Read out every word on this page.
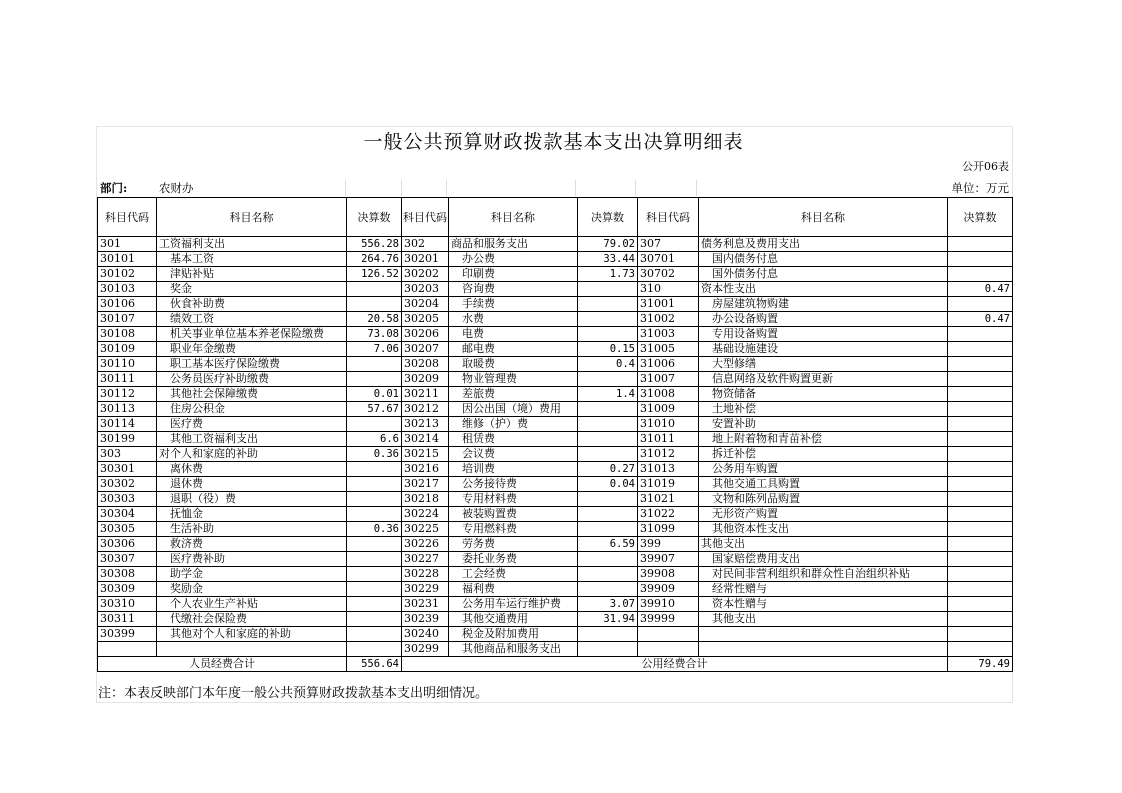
一般公共预算财政拨款基本支出决算明细表
公开06表
部门:	农财办	单位：万元
科目代码	科目名称	决算数	科目代码	科目名称	决算数	科目代码	科目名称	决算数
301	工资福利支出	556.28	302	商品和服务支出	79.02	307	债务利息及费用支出	
30101	基本工资	264.76	30201	办公费	33.44	30701	国内债务付息	
30102	津贴补贴	126.52	30202	印刷费	1.73	30702	国外债务付息	
30103	奖金		30203	咨询费		310	资本性支出	0.47
30106	伙食补助费		30204	手续费		31001	房屋建筑物购建	
30107	绩效工资	20.58	30205	水费		31002	办公设备购置	0.47
30108	机关事业单位基本养老保险缴费	73.08	30206	电费		31003	专用设备购置	
30109	职业年金缴费	7.06	30207	邮电费	0.15	31005	基础设施建设	
30110	职工基本医疗保险缴费		30208	取暖费	0.4	31006	大型修缮	
30111	公务员医疗补助缴费		30209	物业管理费		31007	信息网络及软件购置更新	
30112	其他社会保障缴费	0.01	30211	差旅费	1.4	31008	物资储备	
30113	住房公积金	57.67	30212	因公出国（境）费用		31009	土地补偿	
30114	医疗费		30213	维修（护）费		31010	安置补助	
30199	其他工资福利支出	6.6	30214	租赁费		31011	地上附着物和青苗补偿	
303	对个人和家庭的补助	0.36	30215	会议费		31012	拆迁补偿	
30301	离休费		30216	培训费	0.27	31013	公务用车购置	
30302	退休费		30217	公务接待费	0.04	31019	其他交通工具购置	
30303	退职（役）费		30218	专用材料费		31021	文物和陈列品购置	
30304	抚恤金		30224	被装购置费		31022	无形资产购置	
30305	生活补助	0.36	30225	专用燃料费		31099	其他资本性支出	
30306	救济费		30226	劳务费	6.59	399	其他支出	
30307	医疗费补助		30227	委托业务费		39907	国家赔偿费用支出	
30308	助学金		30228	工会经费		39908	对民间非营利组织和群众性自治组织补贴	
30309	奖励金		30229	福利费		39909	经常性赠与	
30310	个人农业生产补贴		30231	公务用车运行维护费	3.07	39910	资本性赠与	
30311	代缴社会保险费		30239	其他交通费用	31.94	39999	其他支出	
30399	其他对个人和家庭的补助		30240	税金及附加费用				
			30299	其他商品和服务支出				
人员经费合计		556.64	公用经费合计					79.49
注：本表反映部门本年度一般公共预算财政拨款基本支出明细情况。
